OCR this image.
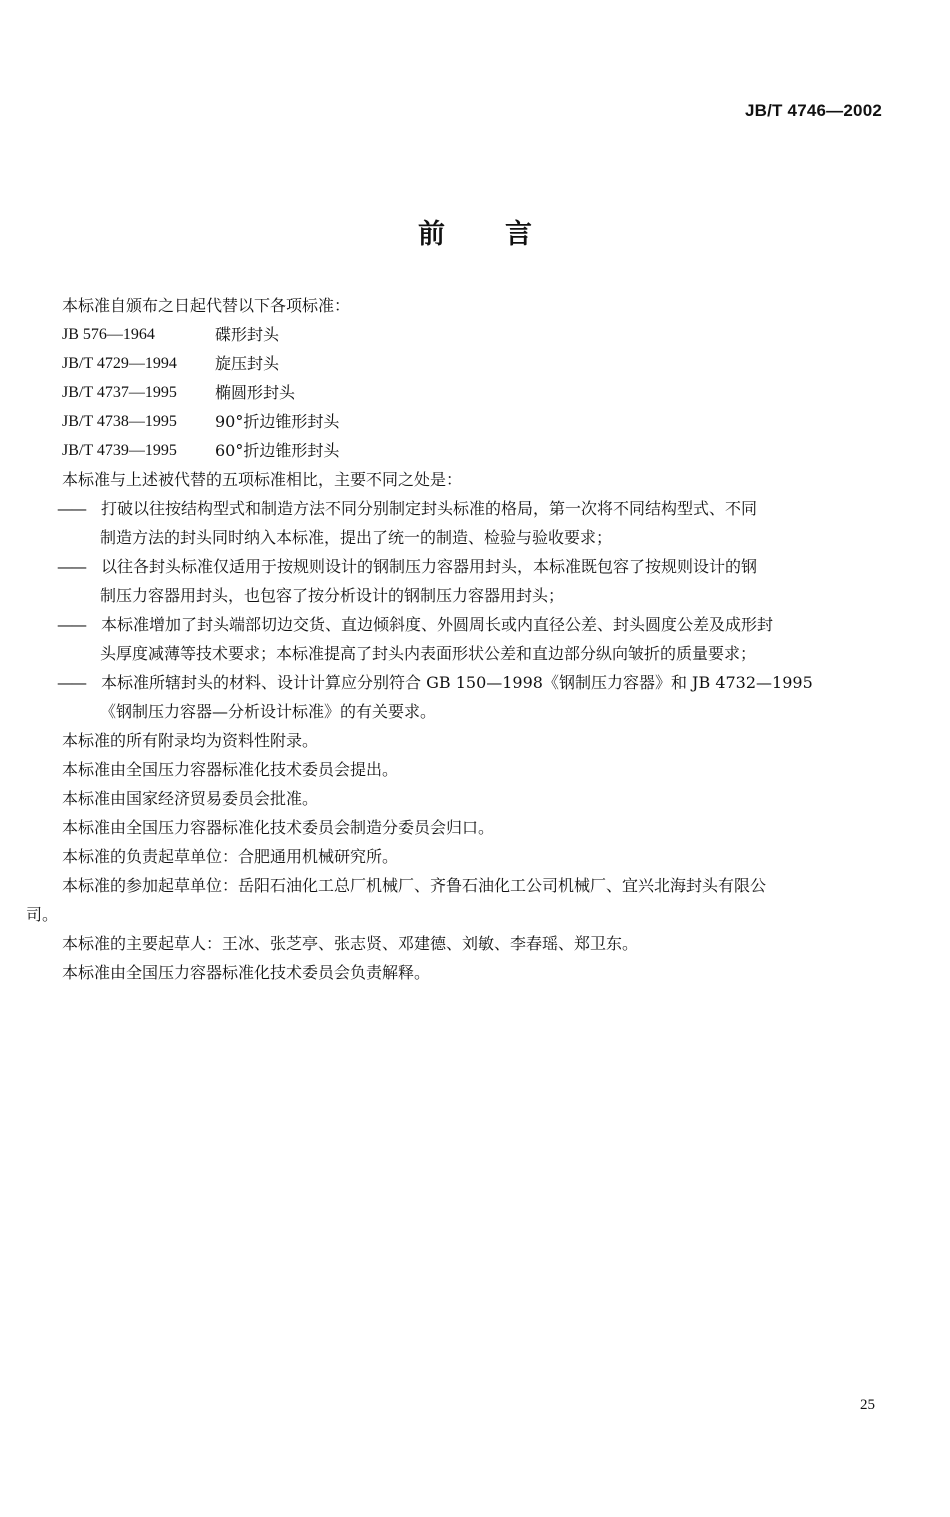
JB/T 4746—2002
前言
本标准自颁布之日起代替以下各项标准：
JB 576—1964	碟形封头
JB/T 4729—1994	旋压封头
JB/T 4737—1995	椭圆形封头
JB/T 4738—1995	90°折边锥形封头
JB/T 4739—1995	60°折边锥形封头
本标准与上述被代替的五项标准相比，主要不同之处是：
—— 打破以往按结构型式和制造方法不同分别制定封头标准的格局，第一次将不同结构型式、不同
制造方法的封头同时纳入本标准，提出了统一的制造、检验与验收要求；
—— 以往各封头标准仅适用于按规则设计的钢制压力容器用封头，本标准既包容了按规则设计的钢
制压力容器用封头，也包容了按分析设计的钢制压力容器用封头；
—— 本标准增加了封头端部切边交货、直边倾斜度、外圆周长或内直径公差、封头圆度公差及成形封
头厚度减薄等技术要求；本标准提高了封头内表面形状公差和直边部分纵向皱折的质量要求；
—— 本标准所辖封头的材料、设计计算应分别符合 GB 150—1998《钢制压力容器》和 JB 4732—1995
《钢制压力容器—分析设计标准》的有关要求。
本标准的所有附录均为资料性附录。
本标准由全国压力容器标准化技术委员会提出。
本标准由国家经济贸易委员会批准。
本标准由全国压力容器标准化技术委员会制造分委员会归口。
本标准的负责起草单位：合肥通用机械研究所。
本标准的参加起草单位：岳阳石油化工总厂机械厂、齐鲁石油化工公司机械厂、宜兴北海封头有限公
司。
本标准的主要起草人：王冰、张芝亭、张志贤、邓建德、刘敏、李春瑶、郑卫东。
本标准由全国压力容器标准化技术委员会负责解释。
25
